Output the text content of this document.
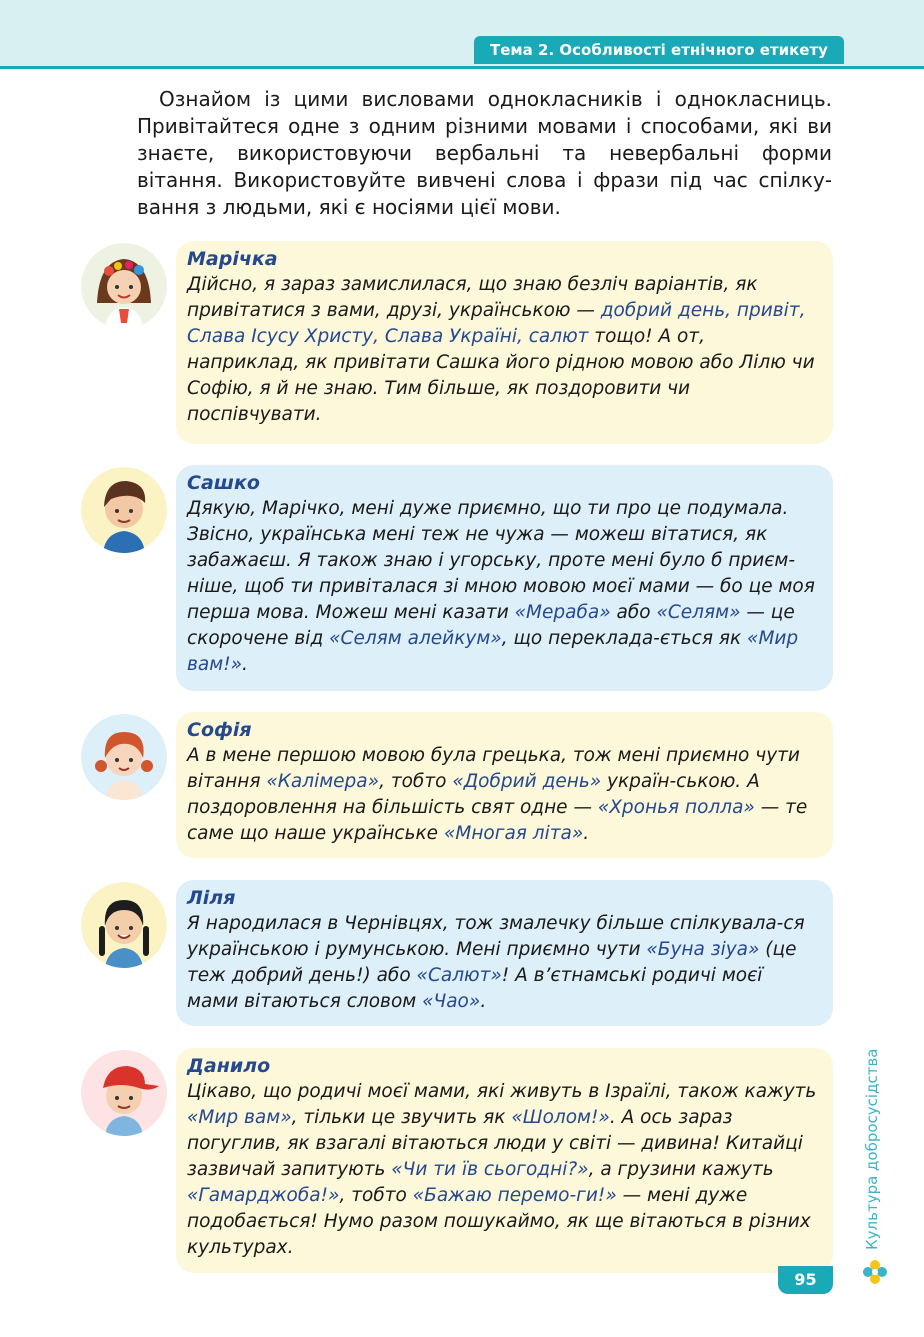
Тема 2. Особливості етнічного етикету

Ознайом із цими висловами однокласників і однокласниць. Привітайтеся одне з одним різними мовами і способами, які ви знаєте, використовуючи вербальні та невербальні форми вітання. Використовуйте вивчені слова і фрази під час спілку-вання з людьми, які є носіями цієї мови.

Марічка
Дійсно, я зараз замислилася, що знаю безліч варіантів, як привітатися з вами, друзі, українською — добрий день, привіт, Слава Ісусу Христу, Слава Україні, салют тощо! А от, наприклад, як привітати Сашка його рідною мовою або Лілю чи Софію, я й не знаю. Тим більше, як поздоровити чи поспівчувати.
Сашко
Дякую, Марічко, мені дуже приємно, що ти про це подумала. Звісно, українська мені теж не чужа — можеш вітатися, як забажаєш. Я також знаю і угорську, проте мені було б приєм-ніше, щоб ти привіталася зі мною мовою моєї мами — бо це моя перша мова. Можеш мені казати «Мераба» або «Селям» — це скорочене від «Селям алейкум», що переклада-ється як «Мир вам!».
Софія
А в мене першою мовою була грецька, тож мені приємно чути вітання «Калімера», тобто «Добрий день» україн-ською. А поздоровлення на більшість свят одне — «Хронья полла» — те саме що наше українське «Многая літа».
Ліля
Я народилася в Чернівцях, тож змалечку більше спілкувала-ся українською і румунською. Мені приємно чути «Буна зіуа» (це теж добрий день!) або «Салют»! А в’єтнамські родичі моєї мами вітаються словом «Чао».
Данило
Цікаво, що родичі моєї мами, які живуть в Ізраїлі, також кажуть «Мир вам», тільки це звучить як «Шолом!». А ось зараз погуглив, як взагалі вітаються люди у світі — дивина! Китайці зазвичай запитують «Чи ти їв сьогодні?», а грузини кажуть «Гамарджоба!», тобто «Бажаю перемо-ги!» — мені дуже подобається! Нумо разом пошукаймо, як ще вітаються в різних культурах.	Культура добросусідства
95
